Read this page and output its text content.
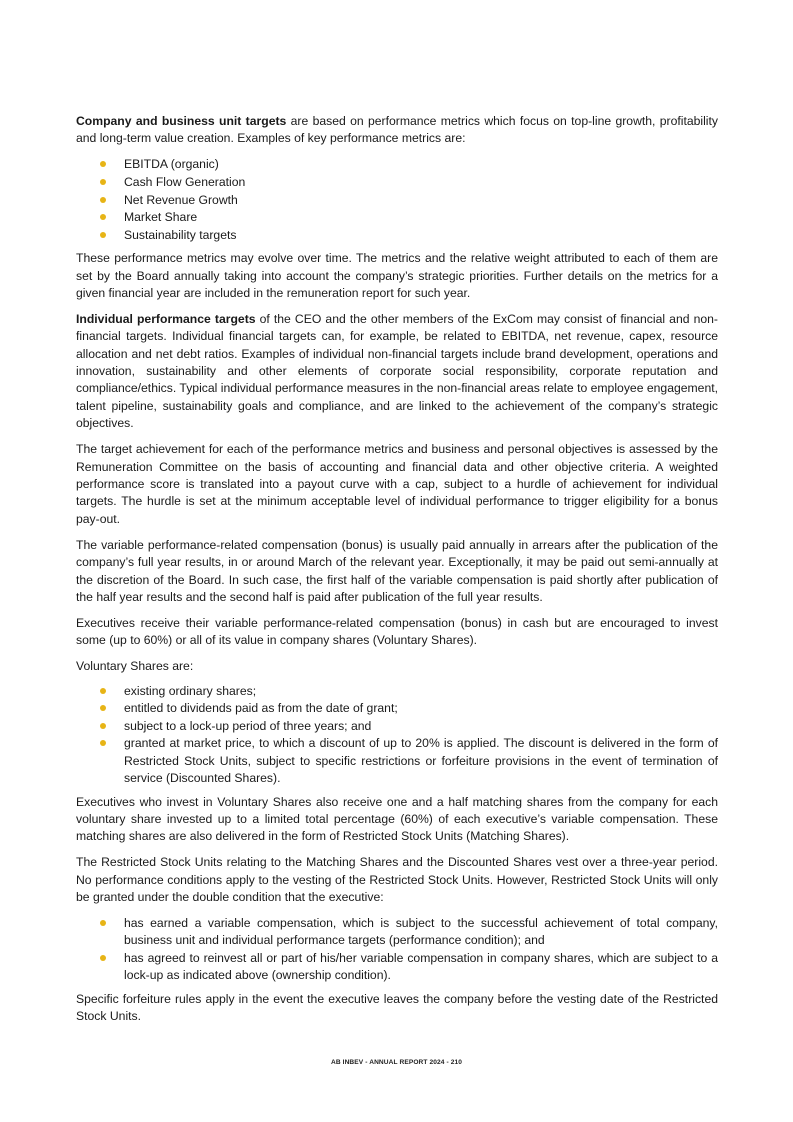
Company and business unit targets are based on performance metrics which focus on top-line growth, profitability and long-term value creation. Examples of key performance metrics are:

EBITDA (organic)
Cash Flow Generation
Net Revenue Growth
Market Share
Sustainability targets

These performance metrics may evolve over time. The metrics and the relative weight attributed to each of them are set by the Board annually taking into account the company’s strategic priorities. Further details on the metrics for a given financial year are included in the remuneration report for such year.

Individual performance targets of the CEO and the other members of the ExCom may consist of financial and non-financial targets. Individual financial targets can, for example, be related to EBITDA, net revenue, capex, resource allocation and net debt ratios. Examples of individual non-financial targets include brand development, operations and innovation, sustainability and other elements of corporate social responsibility, corporate reputation and compliance/ethics. Typical individual performance measures in the non-financial areas relate to employee engagement, talent pipeline, sustainability goals and compliance, and are linked to the achievement of the company’s strategic objectives.

The target achievement for each of the performance metrics and business and personal objectives is assessed by the Remuneration Committee on the basis of accounting and financial data and other objective criteria. A weighted performance score is translated into a payout curve with a cap, subject to a hurdle of achievement for individual targets. The hurdle is set at the minimum acceptable level of individual performance to trigger eligibility for a bonus pay-out.

The variable performance-related compensation (bonus) is usually paid annually in arrears after the publication of the company’s full year results, in or around March of the relevant year. Exceptionally, it may be paid out semi-annually at the discretion of the Board. In such case, the first half of the variable compensation is paid shortly after publication of the half year results and the second half is paid after publication of the full year results.

Executives receive their variable performance-related compensation (bonus) in cash but are encouraged to invest some (up to 60%) or all of its value in company shares (Voluntary Shares).

Voluntary Shares are:

existing ordinary shares;
entitled to dividends paid as from the date of grant;
subject to a lock-up period of three years; and
granted at market price, to which a discount of up to 20% is applied. The discount is delivered in the form of Restricted Stock Units, subject to specific restrictions or forfeiture provisions in the event of termination of service (Discounted Shares).

Executives who invest in Voluntary Shares also receive one and a half matching shares from the company for each voluntary share invested up to a limited total percentage (60%) of each executive’s variable compensation. These matching shares are also delivered in the form of Restricted Stock Units (Matching Shares).

The Restricted Stock Units relating to the Matching Shares and the Discounted Shares vest over a three-year period. No performance conditions apply to the vesting of the Restricted Stock Units. However, Restricted Stock Units will only be granted under the double condition that the executive:

has earned a variable compensation, which is subject to the successful achievement of total company, business unit and individual performance targets (performance condition); and
has agreed to reinvest all or part of his/her variable compensation in company shares, which are subject to a lock-up as indicated above (ownership condition).

Specific forfeiture rules apply in the event the executive leaves the company before the vesting date of the Restricted Stock Units.

AB INBEV - ANNUAL REPORT 2024 - 210
